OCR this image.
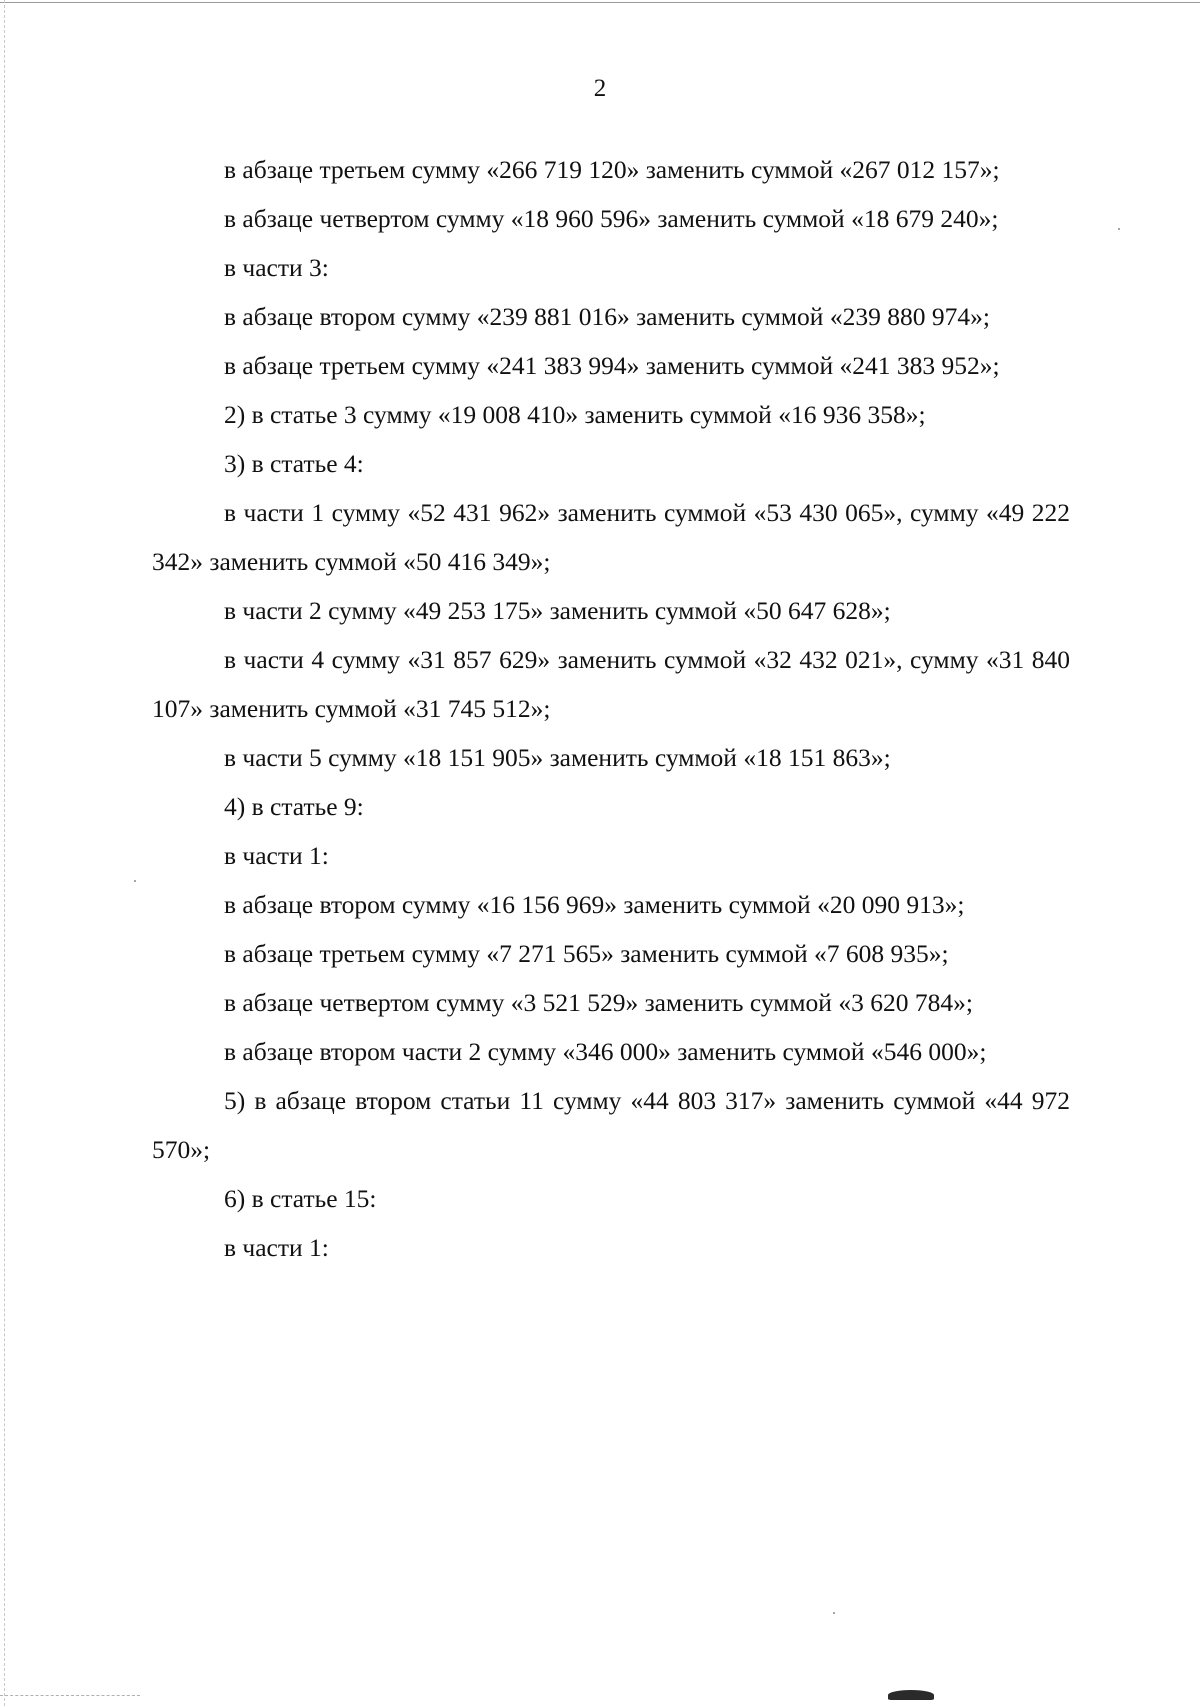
2

в абзаце третьем сумму «266 719 120» заменить суммой «267 012 157»;

в абзаце четвертом сумму «18 960 596» заменить суммой «18 679 240»;

в части 3:

в абзаце втором сумму «239 881 016» заменить суммой «239 880 974»;

в абзаце третьем сумму «241 383 994» заменить суммой «241 383 952»;

2) в статье 3 сумму «19 008 410» заменить суммой «16 936 358»;

3) в статье 4:

в части 1 сумму «52 431 962» заменить суммой «53 430 065», сумму «49 222 342» заменить суммой «50 416 349»;

в части 2 сумму «49 253 175» заменить суммой «50 647 628»;

в части 4 сумму «31 857 629» заменить суммой «32 432 021», сумму «31 840 107» заменить суммой «31 745 512»;

в части 5 сумму «18 151 905» заменить суммой «18 151 863»;

4) в статье 9:

в части 1:

в абзаце втором сумму «16 156 969» заменить суммой «20 090 913»;

в абзаце третьем сумму «7 271 565» заменить суммой «7 608 935»;

в абзаце четвертом сумму «3 521 529» заменить суммой «3 620 784»;

в абзаце втором части 2 сумму «346 000» заменить суммой «546 000»;

5) в абзаце втором статьи 11 сумму «44 803 317» заменить суммой «44 972 570»;

6) в статье 15:

в части 1:
